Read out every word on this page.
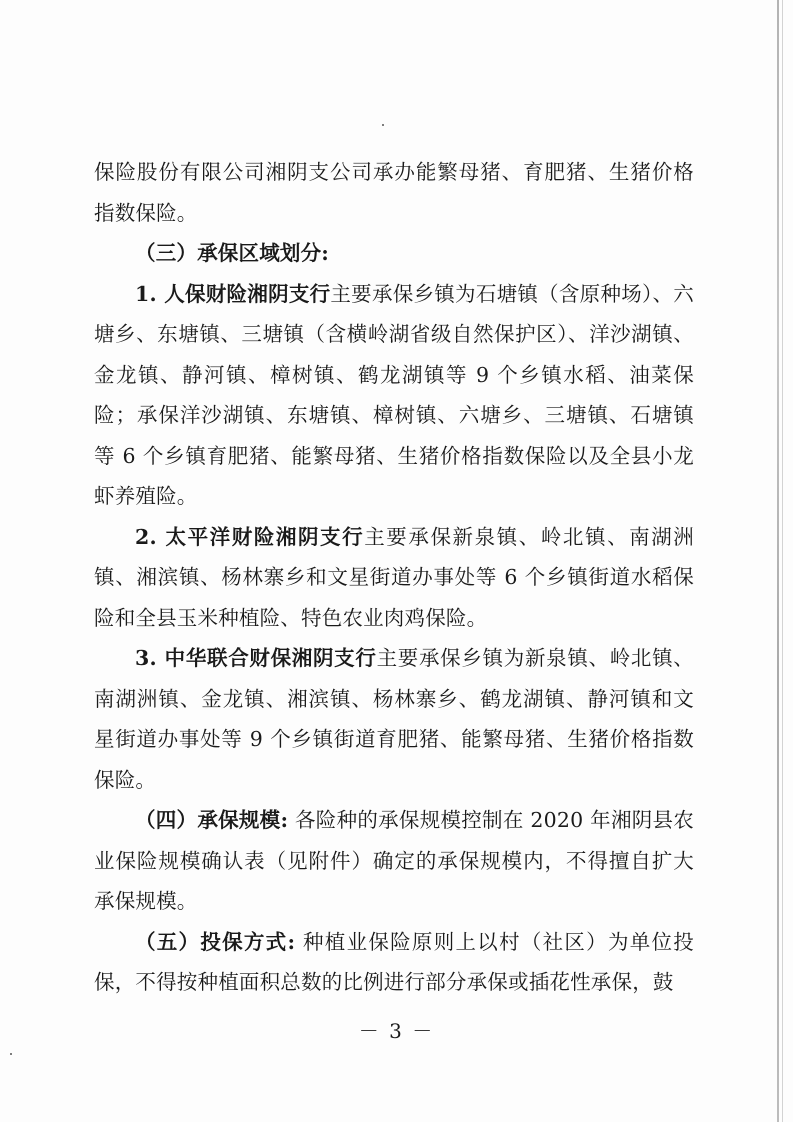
保险股份有限公司湘阴支公司承办能繁母猪、育肥猪、生猪价格指数保险。

（三）承保区域划分:

1. 人保财险湘阴支行主要承保乡镇为石塘镇（含原种场）、六塘乡、东塘镇、三塘镇（含横岭湖省级自然保护区）、洋沙湖镇、金龙镇、静河镇、樟树镇、鹤龙湖镇等 9 个乡镇水稻、油菜保险；承保洋沙湖镇、东塘镇、樟树镇、六塘乡、三塘镇、石塘镇等 6 个乡镇育肥猪、能繁母猪、生猪价格指数保险以及全县小龙虾养殖险。

2. 太平洋财险湘阴支行主要承保新泉镇、岭北镇、南湖洲镇、湘滨镇、杨林寨乡和文星街道办事处等 6 个乡镇街道水稻保险和全县玉米种植险、特色农业肉鸡保险。

3. 中华联合财保湘阴支行主要承保乡镇为新泉镇、岭北镇、南湖洲镇、金龙镇、湘滨镇、杨林寨乡、鹤龙湖镇、静河镇和文星街道办事处等 9 个乡镇街道育肥猪、能繁母猪、生猪价格指数保险。

（四）承保规模: 各险种的承保规模控制在 2020 年湘阴县农业保险规模确认表（见附件）确定的承保规模内，不得擅自扩大承保规模。

（五）投保方式: 种植业保险原则上以村（社区）为单位投保，不得按种植面积总数的比例进行部分承保或插花性承保，鼓

－ 3 －
